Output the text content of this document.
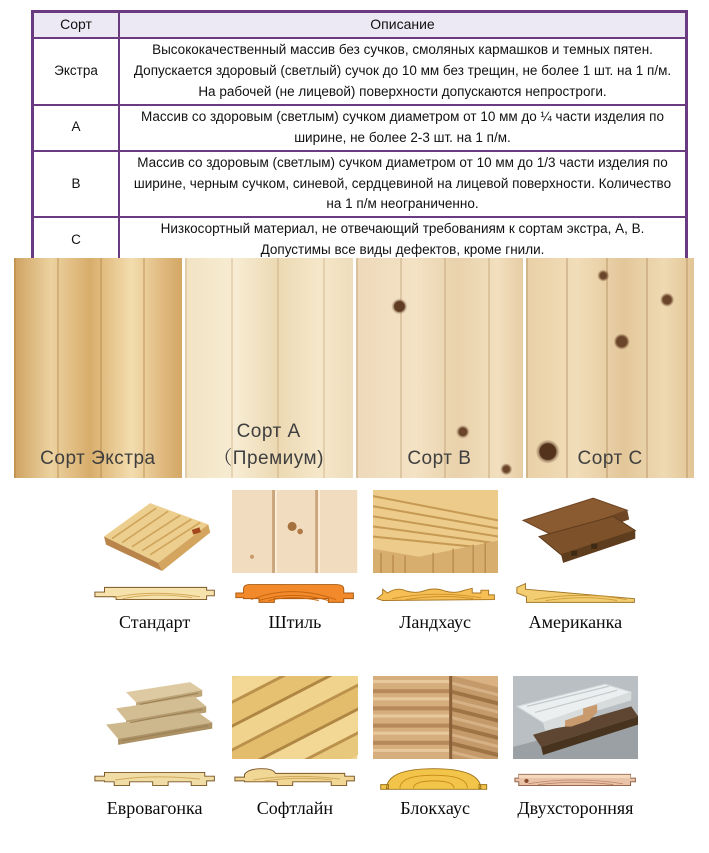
Сорт	Описание
Экстра	Высококачественный массив без сучков, смоляных кармашков и темных пятен. Допускается здоровый (светлый) сучок до 10 мм без трещин, не более 1 шт. на 1 п/м. На рабочей (не лицевой) поверхности допускаются непростроги.
А	Массив со здоровым (светлым) сучком диаметром от 10 мм до ¼ части изделия по ширине, не более 2-3 шт. на 1 п/м.
В	Массив со здоровым (светлым) сучком диаметром от 10 мм до 1/3 части изделия по ширине, черным сучком, синевой, сердцевиной на лицевой поверхности. Количество на 1 п/м неограниченно.
С	Низкосортный материал, не отвечающий требованиям к сортам экстра, А, В. Допустимы все виды дефектов, кроме гнили.
Сорт Экстра
Сорт А （Премиум)	Сорт В	Сорт С
Стандарт	Штиль	Ландхаус	Американка
Евровагонка	Софтлайн	Блокхаус	Двухсторонняя
